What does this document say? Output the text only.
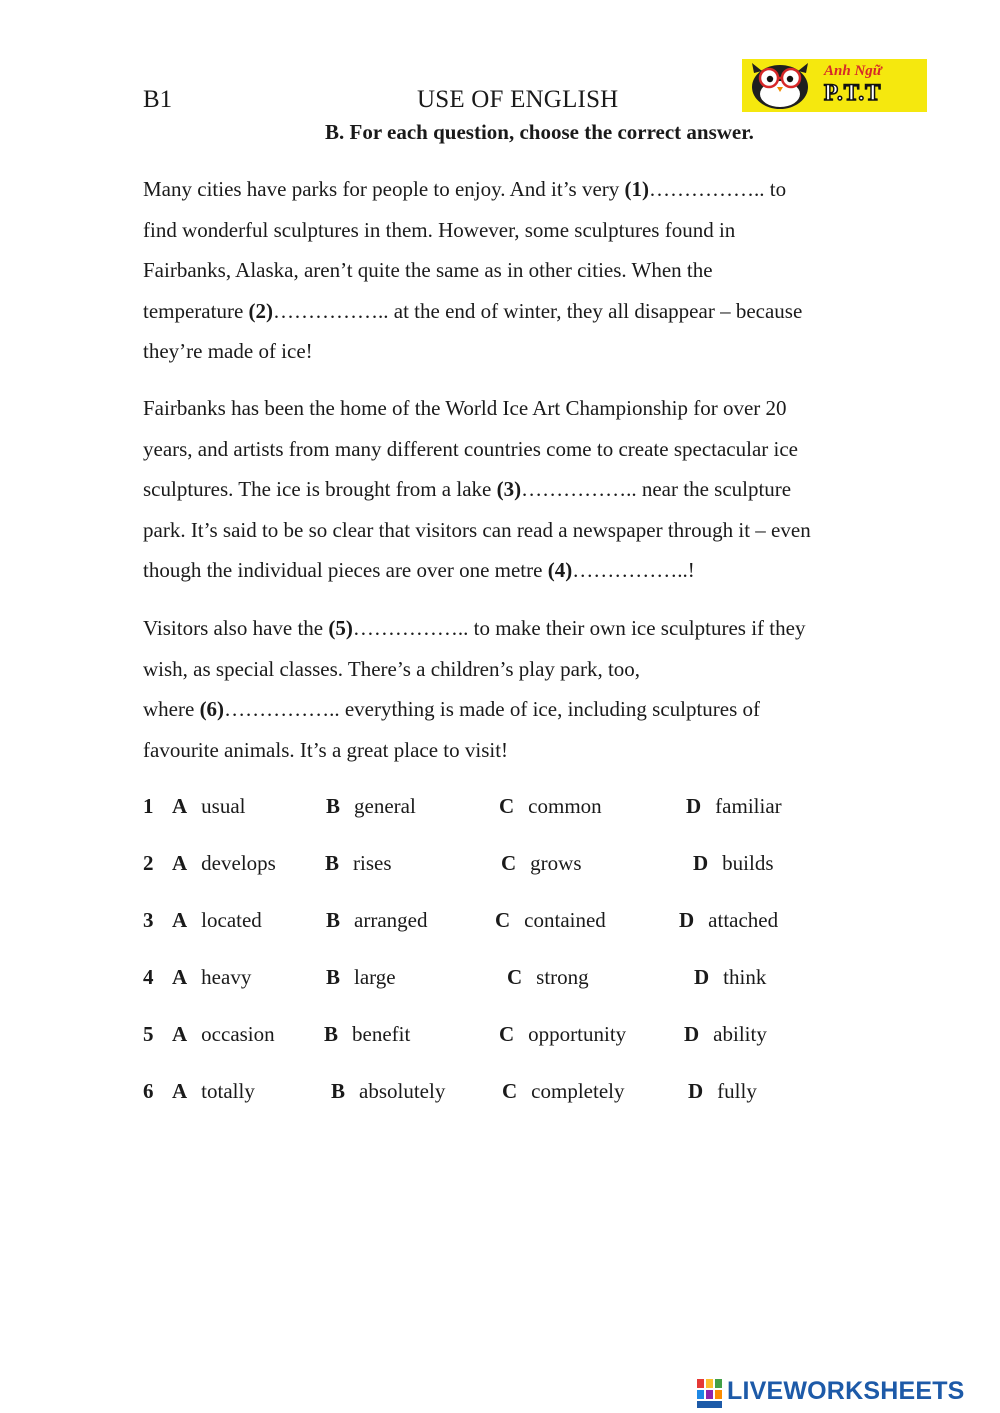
B1	USE OF ENGLISH
Anh Ngữ
P.T.T
B. For each question, choose the correct answer.
Many cities have parks for people to enjoy. And it’s very (1)…………….. to
find wonderful sculptures in them. However, some sculptures found in
Fairbanks, Alaska, aren’t quite the same as in other cities. When the
temperature (2)…………….. at the end of winter, they all disappear – because
they’re made of ice!
Fairbanks has been the home of the World Ice Art Championship for over 20
years, and artists from many different countries come to create spectacular ice
sculptures. The ice is brought from a lake (3)…………….. near the sculpture
park. It’s said to be so clear that visitors can read a newspaper through it – even
though the individual pieces are over one metre (4)……………..!
Visitors also have the (5)…………….. to make their own ice sculptures if they
wish, as special classes. There’s a children’s play park, too,
where (6)…………….. everything is made of ice, including sculptures of
favourite animals. It’s a great place to visit!
1 A usual	B general	C common	D familiar
2 A develops B rises	C grows	D builds
3 A located	B arranged	C contained	D attached
4 A heavy	B large	C strong	D think
5 A occasion B benefit	C opportunity	D ability
6 A totally	B absolutely	C completely	D fully
LIVEWORKSHEETS
